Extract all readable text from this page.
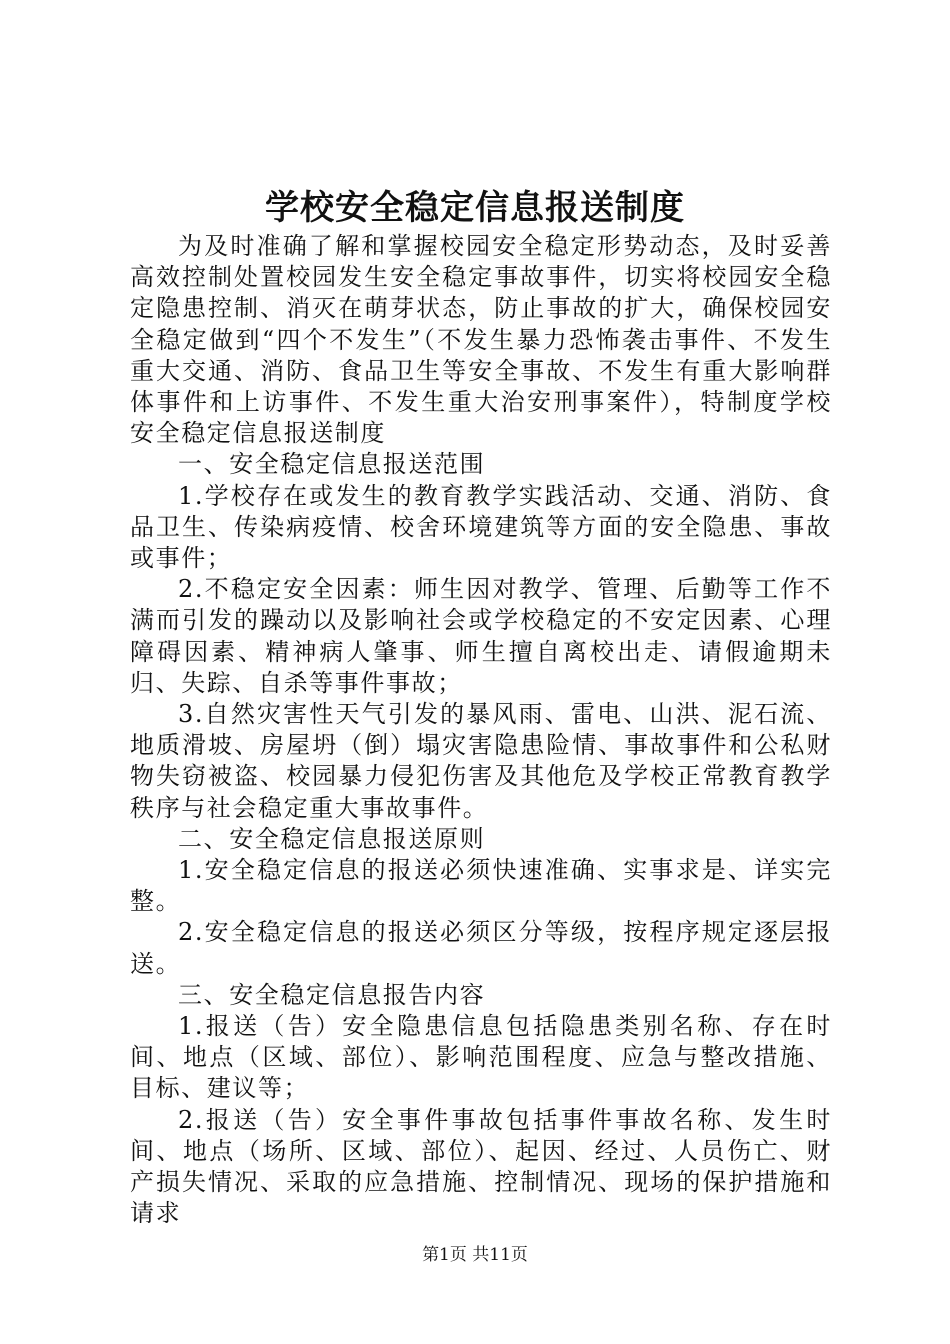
学校安全稳定信息报送制度

为及时准确了解和掌握校园安全稳定形势动态，及时妥善高效控制处置校园发生安全稳定事故事件，切实将校园安全稳定隐患控制、消灭在萌芽状态，防止事故的扩大，确保校园安全稳定做到“四个不发生”（不发生暴力恐怖袭击事件、不发生重大交通、消防、食品卫生等安全事故、不发生有重大影响群体事件和上访事件、不发生重大治安刑事案件），特制度学校安全稳定信息报送制度

一、安全稳定信息报送范围

1.学校存在或发生的教育教学实践活动、交通、消防、食品卫生、传染病疫情、校舍环境建筑等方面的安全隐患、事故或事件；

2.不稳定安全因素：师生因对教学、管理、后勤等工作不满而引发的躁动以及影响社会或学校稳定的不安定因素、心理障碍因素、精神病人肇事、师生擅自离校出走、请假逾期未归、失踪、自杀等事件事故；

3.自然灾害性天气引发的暴风雨、雷电、山洪、泥石流、地质滑坡、房屋坍（倒）塌灾害隐患险情、事故事件和公私财物失窃被盗、校园暴力侵犯伤害及其他危及学校正常教育教学秩序与社会稳定重大事故事件。

二、安全稳定信息报送原则

1.安全稳定信息的报送必须快速准确、实事求是、详实完整。

2.安全稳定信息的报送必须区分等级，按程序规定逐层报送。

三、安全稳定信息报告内容

1.报送（告）安全隐患信息包括隐患类别名称、存在时间、地点（区域、部位）、影响范围程度、应急与整改措施、目标、建议等；

2.报送（告）安全事件事故包括事件事故名称、发生时间、地点（场所、区域、部位）、起因、经过、人员伤亡、财产损失情况、采取的应急措施、控制情况、现场的保护措施和请求

第1页 共11页
